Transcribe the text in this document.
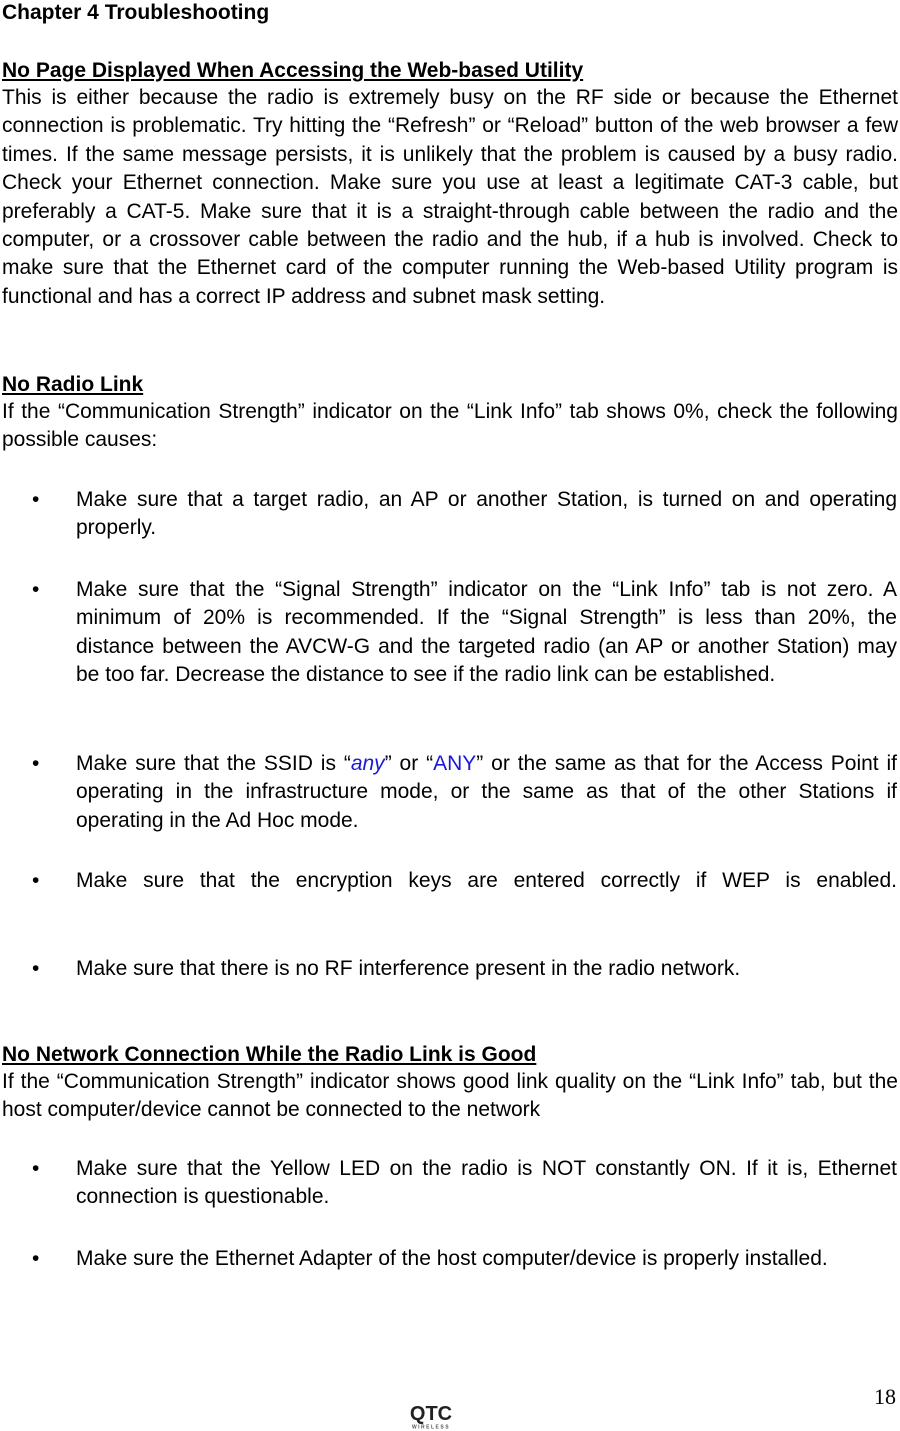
Chapter 4 Troubleshooting

No Page Displayed When Accessing the Web-based Utility

This is either because the radio is extremely busy on the RF side or because the Ethernet connection is problematic. Try hitting the “Refresh” or “Reload” button of the web browser a few times. If the same message persists, it is unlikely that the problem is caused by a busy radio. Check your Ethernet connection. Make sure you use at least a legitimate CAT-3 cable, but preferably a CAT-5. Make sure that it is a straight-through cable between the radio and the computer, or a crossover cable between the radio and the hub, if a hub is involved. Check to make sure that the Ethernet card of the computer running the Web-based Utility program is functional and has a correct IP address and subnet mask setting.

No Radio Link

If the “Communication Strength” indicator on the “Link Info” tab shows 0%, check the following possible causes:

• Make sure that a target radio, an AP or another Station, is turned on and operating properly.

• Make sure that the “Signal Strength” indicator on the “Link Info” tab is not zero. A minimum of 20% is recommended. If the “Signal Strength” is less than 20%, the distance between the AVCW-G and the targeted radio (an AP or another Station) may be too far. Decrease the distance to see if the radio link can be established.

• Make sure that the SSID is “any” or “ANY” or the same as that for the Access Point if operating in the infrastructure mode, or the same as that of the other Stations if operating in the Ad Hoc mode.

• Make sure that the encryption keys are entered correctly if WEP is enabled.

• Make sure that there is no RF interference present in the radio network.

No Network Connection While the Radio Link is Good

If the “Communication Strength” indicator shows good link quality on the “Link Info” tab, but the host computer/device cannot be connected to the network

• Make sure that the Yellow LED on the radio is NOT constantly ON. If it is, Ethernet connection is questionable.

• Make sure the Ethernet Adapter of the host computer/device is properly installed.

18
QTC
WIRELESS
